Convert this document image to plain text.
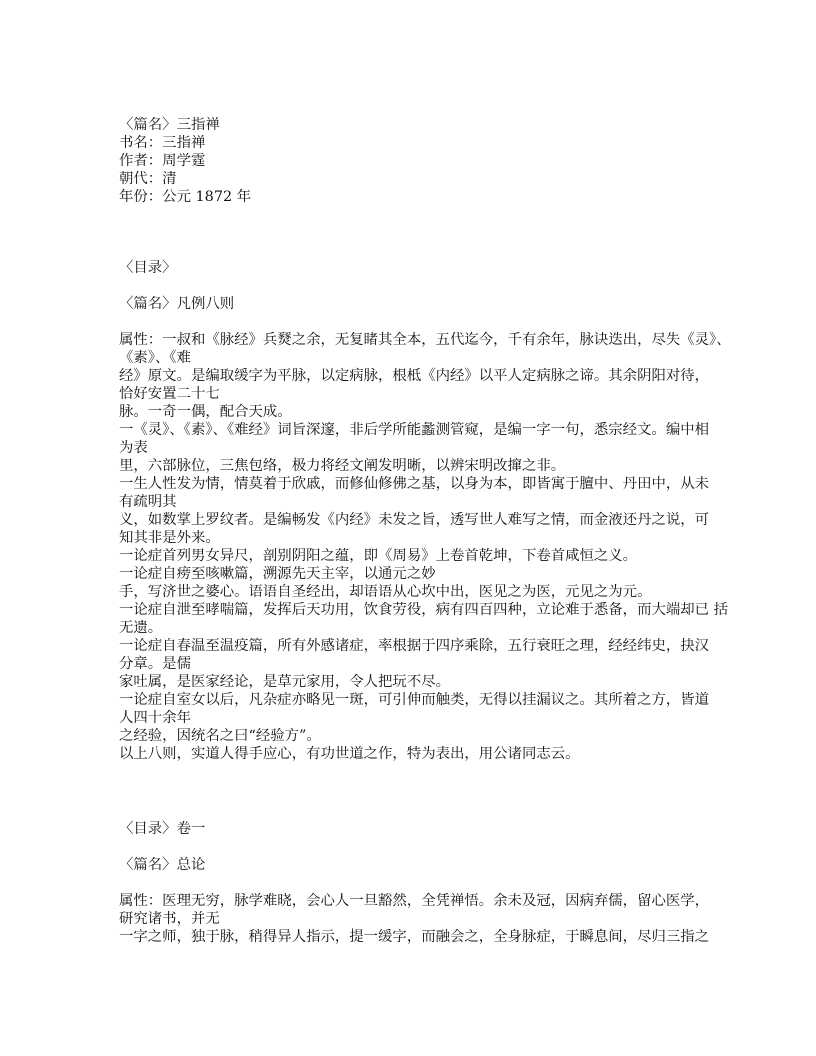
〈篇名〉三指禅
书名：三指禅
作者：周学霆
朝代：清
年份：公元 1872 年
〈目录〉
〈篇名〉凡例八则
属性：一叔和《脉经》兵燹之余，无复睹其全本，五代迄今，千有余年，脉诀迭出，尽失《灵》、
《素》、《难
经》原文。是编取缓字为平脉，以定病脉，根柢《内经》以平人定病脉之谛。其余阴阳对待，
恰好安置二十七
脉。一奇一偶，配合天成。
一《灵》、《素》、《难经》词旨深邃，非后学所能蠡测管窥，是编一字一句，悉宗经文。编中相
为表
里，六部脉位，三焦包络，极力将经文阐发明晰，以辨宋明改撺之非。
一生人性发为情，情莫着于欣戚，而修仙修佛之基，以身为本，即皆寓于膻中、丹田中，从未
有疏明其
义，如数掌上罗纹者。是编畅发《内经》未发之旨，透写世人难写之情，而金液还丹之说，可
知其非是外来。
一论症首列男女异尺，剖别阴阳之蕴，即《周易》上卷首乾坤，下卷首咸恒之义。
一论症自痨至咳嗽篇，溯源先天主宰，以通元之妙
手，写济世之婆心。语语自圣经出，却语语从心坎中出，医见之为医，元见之为元。
一论症自泄至哮喘篇，发挥后天功用，饮食劳役，病有四百四种，立论难于悉备，而大端却已 括
无遗。
一论症自春温至温疫篇，所有外感诸症，率根据于四序乘除，五行衰旺之理，经经纬史，抉汉
分章。是儒
家吐属，是医家经论，是草元家用，令人把玩不尽。
一论症自室女以后，凡杂症亦略见一斑，可引伸而触类，无得以挂漏议之。其所着之方，皆道
人四十余年
之经验，因统名之曰“经验方”。
以上八则，实道人得手应心，有功世道之作，特为表出，用公诸同志云。
〈目录〉卷一
〈篇名〉总论
属性：医理无穷，脉学难晓，会心人一旦豁然，全凭禅悟。余未及冠，因病弃儒，留心医学，
研究诸书，并无
一字之师，独于脉，稍得异人指示，提一缓字，而融会之，全身脉症，于瞬息间，尽归三指之
